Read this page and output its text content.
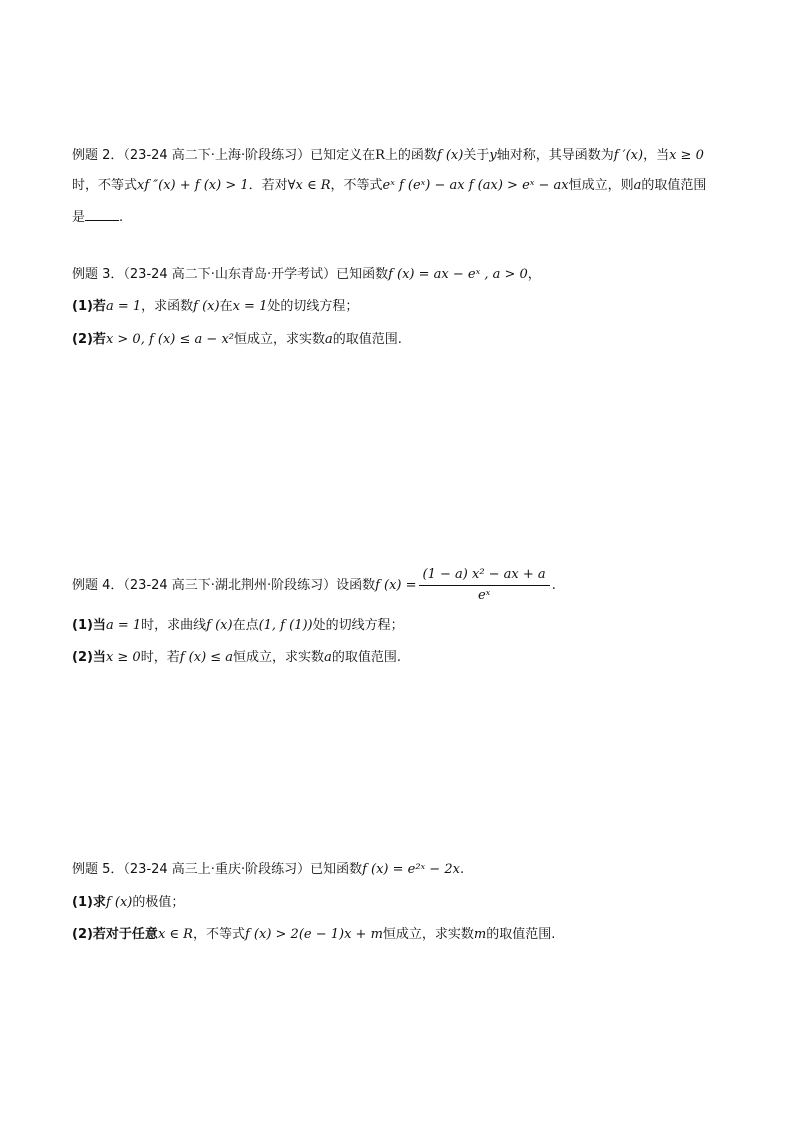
例题 2．（23-24 高二下·上海·阶段练习）已知定义在R上的函数f (x)关于y轴对称，其导函数为f ′(x)，当x ≥ 0
时，不等式xf ″(x) + f (x) > 1．若对∀x ∈ R，不等式eˣ f (eˣ) − ax f (ax) > eˣ − ax恒成立，则a的取值范围
是	.
例题 3．（23-24 高二下·山东青岛·开学考试）已知函数f (x) = ax − eˣ , a > 0，
(1)若a = 1，求函数f (x)在x = 1处的切线方程；
(2)若x > 0, f (x) ≤ a − x²恒成立，求实数a的取值范围.
例题 4．（23-24 高三下·湖北荆州·阶段练习）设函数f $(x) = \frac{\text{(1 − a) x² − ax + a}}{\text{eˣ}}$ .
(1)当a = 1时，求曲线f (x)在点(1, f (1))处的切线方程；
(2)当x ≥ 0时，若f (x) ≤ a恒成立，求实数a的取值范围.
例题 5．（23-24 高三上·重庆·阶段练习）已知函数f (x) = e²ˣ − 2x.
(1)求f (x)的极值；
(2)若对于任意x ∈ R，不等式f (x) > 2(e − 1)x + m恒成立，求实数m的取值范围.
